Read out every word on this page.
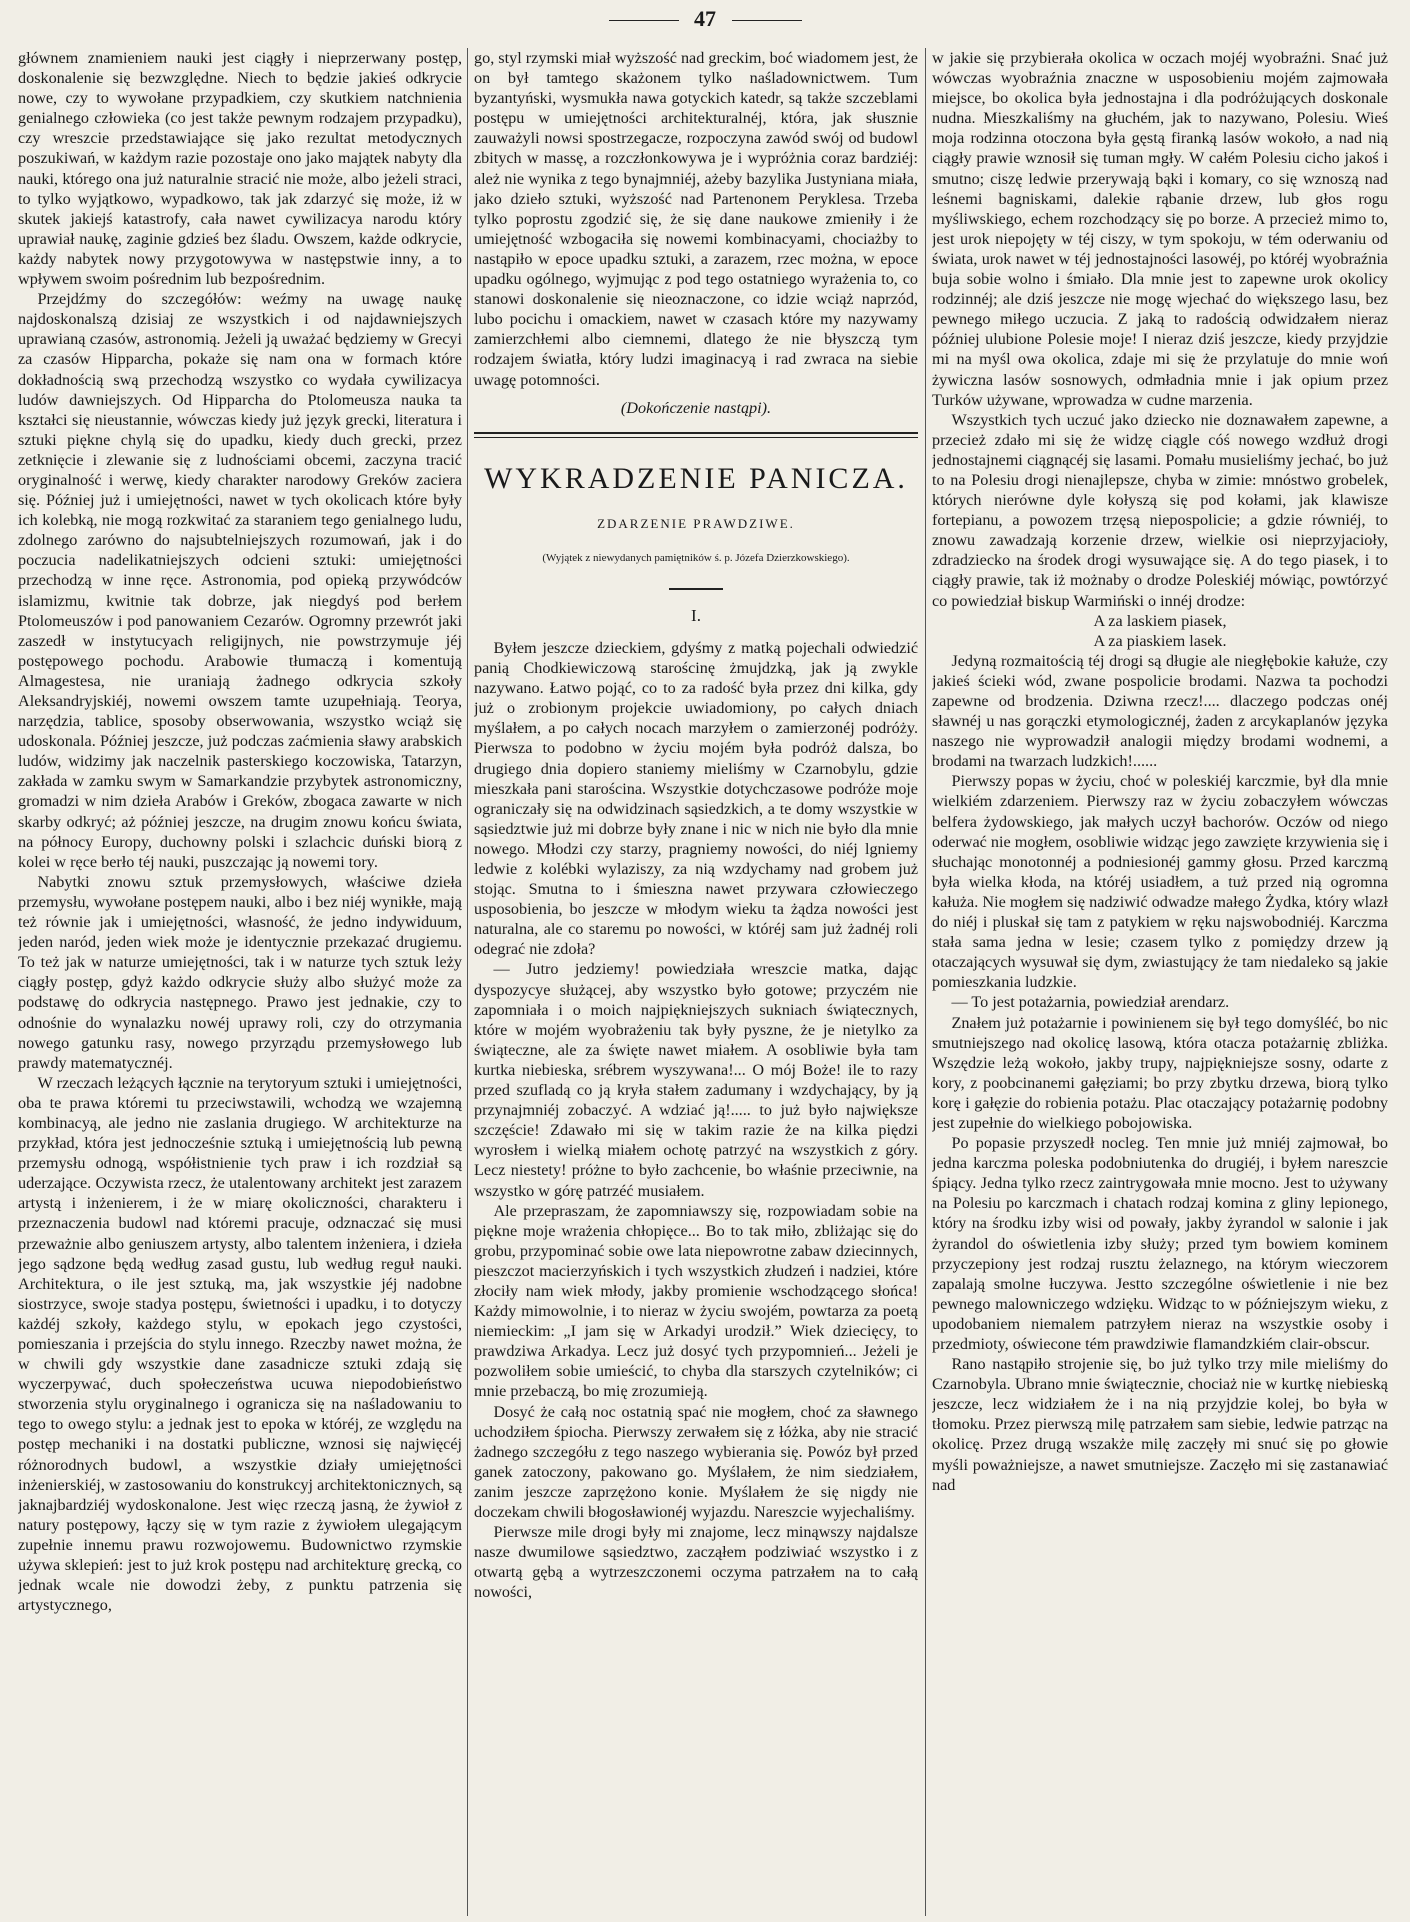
47

głównem znamieniem nauki jest ciągły i nieprzerwany postęp, doskonalenie się bezwzględne. Niech to będzie jakieś odkrycie nowe, czy to wywołane przypadkiem, czy skutkiem natchnienia genialnego człowieka (co jest także pewnym rodzajem przypadku), czy wreszcie przedstawiające się jako rezultat metodycznych poszukiwań, w każdym razie pozostaje ono jako majątek nabyty dla nauki, którego ona już naturalnie stracić nie może, albo jeżeli straci, to tylko wyjątkowo, wypadkowo, tak jak zdarzyć się może, iż w skutek jakiejś katastrofy, cała nawet cywilizacya narodu który uprawiał naukę, zaginie gdzieś bez śladu. Owszem, każde odkrycie, każdy nabytek nowy przygotowywa w następstwie inny, a to wpływem swoim pośrednim lub bezpośrednim.

Przejdźmy do szczegółów: weźmy na uwagę naukę najdoskonalszą dzisiaj ze wszystkich i od najdawniejszych uprawianą czasów, astronomią. Jeżeli ją uważać będziemy w Grecyi za czasów Hipparcha, pokaże się nam ona w formach które dokładnością swą przechodzą wszystko co wydała cywilizacya ludów dawniejszych. Od Hipparcha do Ptolomeusza nauka ta kształci się nieustannie, wówczas kiedy już język grecki, literatura i sztuki piękne chylą się do upadku, kiedy duch grecki, przez zetknięcie i zlewanie się z ludnościami obcemi, zaczyna tracić oryginalność i werwę, kiedy charakter narodowy Greków zaciera się. Później już i umiejętności, nawet w tych okolicach które były ich kolebką, nie mogą rozkwitać za staraniem tego genialnego ludu, zdolnego zarówno do najsubtelniejszych rozumowań, jak i do poczucia nadelikatniejszych odcieni sztuki: umiejętności przechodzą w inne ręce. Astronomia, pod opieką przywódców islamizmu, kwitnie tak dobrze, jak niegdyś pod berłem Ptolomeuszów i pod panowaniem Cezarów. Ogromny przewrót jaki zaszedł w instytucyach religijnych, nie powstrzymuje jéj postępowego pochodu. Arabowie tłumaczą i komentują Almagestesa, nie uraniają żadnego odkrycia szkoły Aleksandryjskiéj, nowemi owszem tamte uzupełniają. Teorya, narzędzia, tablice, sposoby obserwowania, wszystko wciąż się udoskonala. Później jeszcze, już podczas zaćmienia sławy arabskich ludów, widzimy jak naczelnik pasterskiego koczowiska, Tatarzyn, zakłada w zamku swym w Samarkandzie przybytek astronomiczny, gromadzi w nim dzieła Arabów i Greków, zbogaca zawarte w nich skarby odkryć; aż później jeszcze, na drugim znowu końcu świata, na północy Europy, duchowny polski i szlachcic duński biorą z kolei w ręce berło téj nauki, puszczając ją nowemi tory.

Nabytki znowu sztuk przemysłowych, właściwe dzieła przemysłu, wywołane postępem nauki, albo i bez niéj wynikłe, mają też równie jak i umiejętności, własność, że jedno indywiduum, jeden naród, jeden wiek może je identycznie przekazać drugiemu. To też jak w naturze umiejętności, tak i w naturze tych sztuk leży ciągły postęp, gdyż każdo odkrycie służy albo służyć może za podstawę do odkrycia następnego. Prawo jest jednakie, czy to odnośnie do wynalazku nowéj uprawy roli, czy do otrzymania nowego gatunku rasy, nowego przyrządu przemysłowego lub prawdy matematycznéj.

W rzeczach leżących łącznie na terytoryum sztuki i umiejętności, oba te prawa któremi tu przeciwstawili, wchodzą we wzajemną kombinacyą, ale jedno nie zaslania drugiego. W architekturze na przykład, która jest jednocześnie sztuką i umiejętnością lub pewną przemysłu odnogą, współistnienie tych praw i ich rozdział są uderzające. Oczywista rzecz, że utalentowany architekt jest zarazem artystą i inżenierem, i że w miarę okoliczności, charakteru i przeznaczenia budowl nad któremi pracuje, odznaczać się musi przeważnie albo geniuszem artysty, albo talentem inżeniera, i dzieła jego sądzone będą według zasad gustu, lub według reguł nauki. Architektura, o ile jest sztuką, ma, jak wszystkie jéj nadobne siostrzyce, swoje stadya postępu, świetności i upadku, i to dotyczy każdéj szkoły, każdego stylu, w epokach jego czystości, pomieszania i przejścia do stylu innego. Rzeczby nawet można, że w chwili gdy wszystkie dane zasadnicze sztuki zdają się wyczerpywać, duch społeczeństwa ucuwa niepodobieństwo stworzenia stylu oryginalnego i ogranicza się na naśladowaniu to tego to owego stylu: a jednak jest to epoka w któréj, ze względu na postęp mechaniki i na dostatki publiczne, wznosi się najwięcéj różnorodnych budowl, a wszystkie działy umiejętności inżenierskiéj, w zastosowaniu do konstrukcyj architektonicznych, są jaknajbardziéj wydoskonalone. Jest więc rzeczą jasną, że żywioł z natury postępowy, łączy się w tym razie z żywiołem ulegającym zupełnie innemu prawu rozwojowemu. Budownictwo rzymskie używa sklepień: jest to już krok postępu nad architekturę grecką, co jednak wcale nie dowodzi żeby, z punktu patrzenia się artystycznego,

go, styl rzymski miał wyższość nad greckim, boć wiadomem jest, że on był tamtego skażonem tylko naśladownictwem. Tum byzantyński, wysmukła nawa gotyckich katedr, są także szczeblami postępu w umiejętności architekturalnéj, która, jak słusznie zauważyli nowsi spostrzegacze, rozpoczyna zawód swój od budowl zbitych w massę, a rozczłonkowywa je i wypróżnia coraz bardziéj: ależ nie wynika z tego bynajmniéj, ażeby bazylika Justyniana miała, jako dzieło sztuki, wyższość nad Partenonem Peryklesa. Trzeba tylko poprostu zgodzić się, że się dane naukowe zmieniły i że umiejętność wzbogaciła się nowemi kombinacyami, chociażby to nastąpiło w epoce upadku sztuki, a zarazem, rzec można, w epoce upadku ogólnego, wyjmując z pod tego ostatniego wyrażenia to, co stanowi doskonalenie się nieoznaczone, co idzie wciąż naprzód, lubo pocichu i omackiem, nawet w czasach które my nazywamy zamierzchłemi albo ciemnemi, dlatego że nie błyszczą tym rodzajem światła, który ludzi imaginacyą i rad zwraca na siebie uwagę potomności.

(Dokończenie nastąpi).
WYKRADZENIE PANICZA.
ZDARZENIE PRAWDZIWE.
(Wyjątek z niewydanych pamiętników ś. p. Józefa Dzierzkowskiego).
I.

Byłem jeszcze dzieckiem, gdyśmy z matką pojechali odwiedzić panią Chodkiewiczową starościnę żmujdzką, jak ją zwykle nazywano. Łatwo pojąć, co to za radość była przez dni kilka, gdy już o zrobionym projekcie uwiadomiony, po całych dniach myślałem, a po całych nocach marzyłem o zamierzonéj podróży. Pierwsza to podobno w życiu mojém była podróż dalsza, bo drugiego dnia dopiero staniemy mieliśmy w Czarnobylu, gdzie mieszkała pani starościna. Wszystkie dotychczasowe podróże moje ograniczały się na odwidzinach sąsiedzkich, a te domy wszystkie w sąsiedztwie już mi dobrze były znane i nic w nich nie było dla mnie nowego. Młodzi czy starzy, pragniemy nowości, do niéj lgniemy ledwie z kolébki wylaziszy, za nią wzdychamy nad grobem już stojąc. Smutna to i śmieszna nawet przywara człowieczego usposobienia, bo jeszcze w młodym wieku ta żądza nowości jest naturalna, ale co staremu po nowości, w któréj sam już żadnéj roli odegrać nie zdoła?

— Jutro jedziemy! powiedziała wreszcie matka, dając dyspozycye służącej, aby wszystko było gotowe; przyczém nie zapomniała i o moich najpiękniejszych sukniach świątecznych, które w mojém wyobrażeniu tak były pyszne, że je nietylko za świąteczne, ale za święte nawet miałem. A osobliwie była tam kurtka niebieska, srébrem wyszywana!... O mój Boże! ile to razy przed szufladą co ją kryła stałem zadumany i wzdychający, by ją przynajmniéj zobaczyć. A wdziać ją!..... to już było największe szczęście! Zdawało mi się w takim razie że na kilka piędzi wyrosłem i wielką miałem ochotę patrzyć na wszystkich z góry. Lecz niestety! próżne to było zachcenie, bo właśnie przeciwnie, na wszystko w górę patrzéć musiałem.

Ale przepraszam, że zapomniawszy się, rozpowiadam sobie na piękne moje wrażenia chłopięce... Bo to tak miło, zbliżając się do grobu, przypominać sobie owe lata niepowrotne zabaw dziecinnych, pieszczot macierzyńskich i tych wszystkich złudzeń i nadziei, które złociły nam wiek młody, jakby promienie wschodzącego słońca! Każdy mimowolnie, i to nieraz w życiu swojém, powtarza za poetą niemieckim: „I jam się w Arkadyi urodził.” Wiek dziecięcy, to prawdziwa Arkadya. Lecz już dosyć tych przypomnień... Jeżeli je pozwoliłem sobie umieścić, to chyba dla starszych czytelników; ci mnie przebaczą, bo mię zrozumieją.

Dosyć że całą noc ostatnią spać nie mogłem, choć za sławnego uchodziłem śpiocha. Pierwszy zerwałem się z łóżka, aby nie stracić żadnego szczegółu z tego naszego wybierania się. Powóz był przed ganek zatoczony, pakowano go. Myślałem, że nim siedziałem, zanim jeszcze zaprzężono konie. Myślałem że się nigdy nie doczekam chwili błogosławionéj wyjazdu. Nareszcie wyjechaliśmy.

Pierwsze mile drogi były mi znajome, lecz minąwszy najdalsze nasze dwumilowe sąsiedztwo, zacząłem podziwiać wszystko i z otwartą gębą a wytrzeszczonemi oczyma patrzałem na to całą nowości,

w jakie się przybierała okolica w oczach mojéj wyobraźni. Snać już wówczas wyobraźnia znaczne w usposobieniu mojém zajmowała miejsce, bo okolica była jednostajna i dla podróżujących doskonale nudna. Mieszkaliśmy na głuchém, jak to nazywano, Polesiu. Wieś moja rodzinna otoczona była gęstą firanką lasów wokoło, a nad nią ciągły prawie wznosił się tuman mgły. W całém Polesiu cicho jakoś i smutno; ciszę ledwie przerywają bąki i komary, co się wznoszą nad leśnemi bagniskami, dalekie rąbanie drzew, lub głos rogu myśliwskiego, echem rozchodzący się po borze. A przecież mimo to, jest urok niepojęty w téj ciszy, w tym spokoju, w tém oderwaniu od świata, urok nawet w téj jednostajności lasowéj, po któréj wyobraźnia buja sobie wolno i śmiało. Dla mnie jest to zapewne urok okolicy rodzinnéj; ale dziś jeszcze nie mogę wjechać do większego lasu, bez pewnego miłego uczucia. Z jaką to radością odwidzałem nieraz później ulubione Polesie moje! I nieraz dziś jeszcze, kiedy przyjdzie mi na myśl owa okolica, zdaje mi się że przylatuje do mnie woń żywiczna lasów sosnowych, odmładnia mnie i jak opium przez Turków używane, wprowadza w cudne marzenia.

Wszystkich tych uczuć jako dziecko nie doznawałem zapewne, a przecież zdało mi się że widzę ciągle cóś nowego wzdłuż drogi jednostajnemi ciągnącéj się lasami. Pomału musieliśmy jechać, bo już to na Polesiu drogi nienajlepsze, chyba w zimie: mnóstwo grobelek, których nierówne dyle kołyszą się pod kołami, jak klawisze fortepianu, a powozem trzęsą niepospolicie; a gdzie równiéj, to znowu zawadzają korzenie drzew, wielkie osi nieprzyjacioły, zdradziecko na środek drogi wysuwające się. A do tego piasek, i to ciągły prawie, tak iż możnaby o drodze Poleskiéj mówiąc, powtórzyć co powiedział biskup Warmiński o innéj drodze:

A za laskiem piasek,

A za piaskiem lasek.

Jedyną rozmaitością téj drogi są długie ale niegłębokie kałuże, czy jakieś ścieki wód, zwane pospolicie brodami. Nazwa ta pochodzi zapewne od brodzenia. Dziwna rzecz!.... dlaczego podczas onéj sławnéj u nas gorączki etymologicznéj, żaden z arcykaplanów języka naszego nie wyprowadził analogii między brodami wodnemi, a brodami na twarzach ludzkich!......

Pierwszy popas w życiu, choć w poleskiéj karczmie, był dla mnie wielkiém zdarzeniem. Pierwszy raz w życiu zobaczyłem wówczas belfera żydowskiego, jak małych uczył bachorów. Oczów od niego oderwać nie mogłem, osobliwie widząc jego zawzięte krzywienia się i słuchając monotonnéj a podniesionéj gammy głosu. Przed karczmą była wielka kłoda, na któréj usiadłem, a tuż przed nią ogromna kałuża. Nie mogłem się nadziwić odwadze małego Żydka, który wlazł do niéj i pluskał się tam z patykiem w ręku najswobodniéj. Karczma stała sama jedna w lesie; czasem tylko z pomiędzy drzew ją otaczających wysuwał się dym, zwiastujący że tam niedaleko są jakie pomieszkania ludzkie.

— To jest potażarnia, powiedział arendarz.

Znałem już potażarnie i powinienem się był tego domyśléć, bo nic smutniejszego nad okolicę lasową, która otacza potażarnię zbliżka. Wszędzie leżą wokoło, jakby trupy, najpiękniejsze sosny, odarte z kory, z poobcinanemi gałęziami; bo przy zbytku drzewa, biorą tylko korę i gałęzie do robienia potażu. Plac otaczający potażarnię podobny jest zupełnie do wielkiego pobojowiska.

Po popasie przyszedł nocleg. Ten mnie już mniéj zajmował, bo jedna karczma poleska podobniutenka do drugiéj, i byłem nareszcie śpiący. Jedna tylko rzecz zaintrygowała mnie mocno. Jest to używany na Polesiu po karczmach i chatach rodzaj komina z gliny lepionego, który na środku izby wisi od powały, jakby żyrandol w salonie i jak żyrandol do oświetlenia izby służy; przed tym bowiem kominem przyczepiony jest rodzaj rusztu żelaznego, na którym wieczorem zapalają smolne łuczywa. Jestto szczególne oświetlenie i nie bez pewnego malowniczego wdzięku. Widząc to w późniejszym wieku, z upodobaniem niemalem patrzyłem nieraz na wszystkie osoby i przedmioty, oświecone tém prawdziwie flamandzkiém clair-obscur.

Rano nastąpiło strojenie się, bo już tylko trzy mile mieliśmy do Czarnobyla. Ubrano mnie świątecznie, chociaż nie w kurtkę niebieską jeszcze, lecz widziałem że i na nią przyjdzie kolej, bo była w tłomoku. Przez pierwszą milę patrzałem sam siebie, ledwie patrząc na okolicę. Przez drugą wszakże milę zaczęły mi snuć się po głowie myśli poważniejsze, a nawet smutniejsze. Zaczęło mi się zastanawiać nad
